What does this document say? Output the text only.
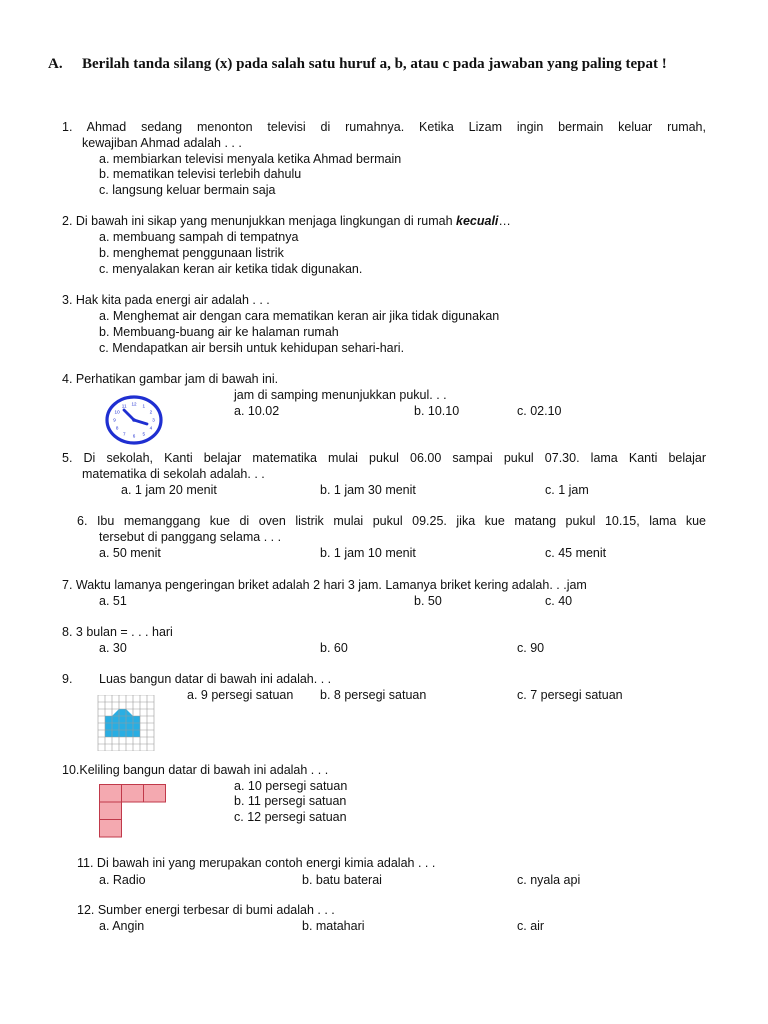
A. Berilah tanda silang (x) pada salah satu huruf a, b, atau c pada jawaban yang paling tepat !
1. Ahmad sedang menonton televisi di rumahnya. Ketika Lizam ingin bermain keluar rumah,
kewajiban Ahmad adalah . . .
a. membiarkan televisi menyala ketika Ahmad bermain
b. mematikan televisi terlebih dahulu
c. langsung keluar bermain saja
2. Di bawah ini sikap yang menunjukkan menjaga lingkungan di rumah kecuali…
a. membuang sampah di tempatnya
b. menghemat penggunaan listrik
c. menyalakan keran air ketika tidak digunakan.
3. Hak kita pada energi air adalah . . .
a. Menghemat air dengan cara mematikan keran air jika tidak digunakan
b. Membuang-buang air ke halaman rumah
c. Mendapatkan air bersih untuk kehidupan sehari-hari.
4. Perhatikan gambar jam di bawah ini.
jam di samping menunjukkan pukul. . .
a. 10.02	b. 10.10	c. 02.10
12 1
2
3
4
5
6
7
8
9
10
11
5. Di sekolah, Kanti belajar matematika mulai pukul 06.00 sampai pukul 07.30. lama Kanti belajar
matematika di sekolah adalah. . .
a. 1 jam 20 menit	b. 1 jam 30 menit	c. 1 jam
6. Ibu memanggang kue di oven listrik mulai pukul 09.25. jika kue matang pukul 10.15, lama kue
tersebut di panggang selama . . .
a. 50 menit	b. 1 jam 10 menit	c. 45 menit
7. Waktu lamanya pengeringan briket adalah 2 hari 3 jam. Lamanya briket kering adalah. . .jam
a. 51	b. 50	c. 40
8. 3 bulan = . . . hari
a. 30	b. 60	c. 90
9. Luas bangun datar di bawah ini adalah. . .
a. 9 persegi satuan b. 8 persegi satuan	c. 7 persegi satuan
10.Keliling bangun datar di bawah ini adalah . . .
a. 10 persegi satuan
b. 11 persegi satuan
c. 12 persegi satuan
11. Di bawah ini yang merupakan contoh energi kimia adalah . . .
a. Radio	b. batu baterai	c. nyala api
12. Sumber energi terbesar di bumi adalah . . .
a. Angin	b. matahari	c. air
